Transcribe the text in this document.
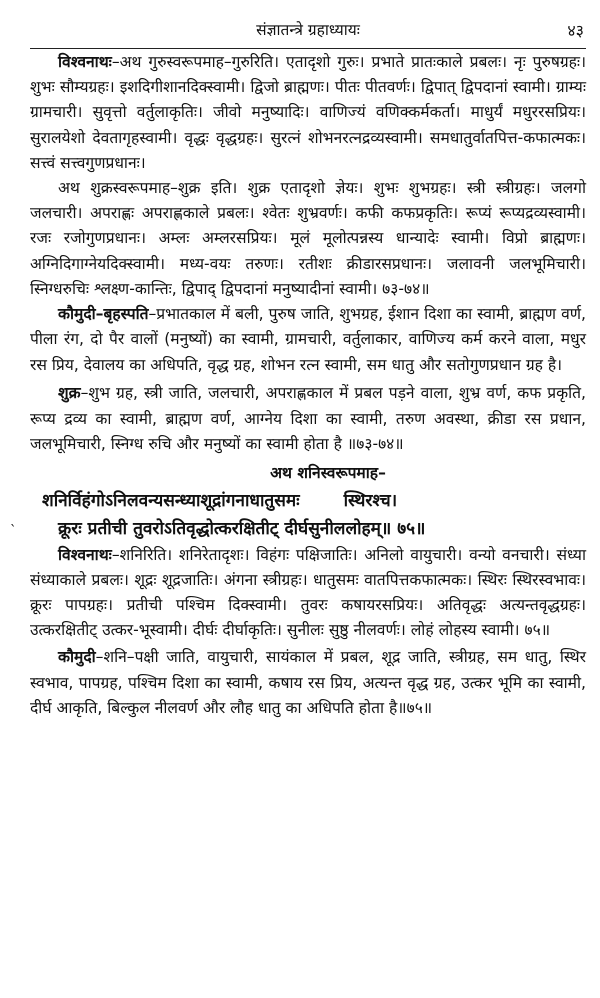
संज्ञातन्त्रे ग्रहाध्यायः	४३
`

विश्वनाथः–अथ गुरुस्वरूपमाह–गुरुरिति। एतादृशो गुरुः। प्रभाते प्रातःकाले प्रबलः। नृः पुरुषग्रहः। शुभः सौम्यग्रहः। इशदिगीशानदिक्स्वामी। द्विजो ब्राह्मणः। पीतः पीतवर्णः। द्विपात् द्विपदानां स्वामी। ग्राम्यः ग्रामचारी। सुवृत्तो वर्तुलाकृतिः। जीवो मनुष्यादिः। वाणिज्यं वणिक्कर्मकर्ता। माधुर्यं मधुररसप्रियः। सुरालयेशो देवतागृहस्वामी। वृद्धः वृद्धग्रहः। सुरत्नं शोभनरत्नद्रव्यस्वामी। समधातुर्वातपित्त-कफात्मकः। सत्त्वं सत्त्वगुणप्रधानः।

अथ शुक्रस्वरूपमाह–शुक्र इति। शुक्र एतादृशो ज्ञेयः। शुभः शुभग्रहः। स्त्री स्त्रीग्रहः। जलगो जलचारी। अपराह्णः अपराह्णकाले प्रबलः। श्वेतः शुभ्रवर्णः। कफी कफप्रकृतिः। रूप्यं रूप्यद्रव्यस्वामी। रजः रजोगुणप्रधानः। अम्लः अम्लरसप्रियः। मूलं मूलोत्पन्नस्य धान्यादेः स्वामी। विप्रो ब्राह्मणः। अग्निदिगाग्नेयदिक्स्वामी। मध्य-वयः तरुणः। रतीशः क्रीडारसप्रधानः। जलावनी जलभूमिचारी। स्निग्धरुचिः श्लक्ष्ण-कान्तिः, द्विपाद् द्विपदानां मनुष्यादीनां स्वामी। ७३-७४॥

कौमुदी–बृहस्पति–प्रभातकाल में बली, पुरुष जाति, शुभग्रह, ईशान दिशा का स्वामी, ब्राह्मण वर्ण, पीला रंग, दो पैर वालों (मनुष्यों) का स्वामी, ग्रामचारी, वर्तुलाकार, वाणिज्य कर्म करने वाला, मधुर रस प्रिय, देवालय का अधिपति, वृद्ध ग्रह, शोभन रत्न स्वामी, सम धातु और सतोगुणप्रधान ग्रह है।

शुक्र–शुभ ग्रह, स्त्री जाति, जलचारी, अपराह्णकाल में प्रबल पड़ने वाला, शुभ्र वर्ण, कफ प्रकृति, रूप्य द्रव्य का स्वामी, ब्राह्मण वर्ण, आग्नेय दिशा का स्वामी, तरुण अवस्था, क्रीडा रस प्रधान, जलभूमिचारी, स्निग्ध रुचि और मनुष्यों का स्वामी होता है ॥७३-७४॥

अथ शनिस्वरूपमाह–

शनिर्विहंगोऽनिलवन्यसन्ध्याशूद्रांगनाधातुसमः	स्थिरश्च।
क्रूरः प्रतीची तुवरोऽतिवृद्धोत्करक्षितीट् दीर्घसुनीललोहम्॥ ७५॥

विश्वनाथः–शनिरिति। शनिरेतादृशः। विहंगः पक्षिजातिः। अनिलो वायुचारी। वन्यो वनचारी। संध्या संध्याकाले प्रबलः। शूद्रः शूद्रजातिः। अंगना स्त्रीग्रहः। धातुसमः वातपित्तकफात्मकः। स्थिरः स्थिरस्वभावः। क्रूरः पापग्रहः। प्रतीची पश्चिम दिक्स्वामी। तुवरः कषायरसप्रियः। अतिवृद्धः अत्यन्तवृद्धग्रहः। उत्करक्षितीट् उत्कर-भूस्वामी। दीर्घः दीर्घाकृतिः। सुनीलः सुष्ठु नीलवर्णः। लोहं लोहस्य स्वामी। ७५॥

कौमुदी–शनि–पक्षी जाति, वायुचारी, सायंकाल में प्रबल, शूद्र जाति, स्त्रीग्रह, सम धातु, स्थिर स्वभाव, पापग्रह, पश्चिम दिशा का स्वामी, कषाय रस प्रिय, अत्यन्त वृद्ध ग्रह, उत्कर भूमि का स्वामी, दीर्घ आकृति, बिल्कुल नीलवर्ण और लौह धातु का अधिपति होता है॥७५॥
